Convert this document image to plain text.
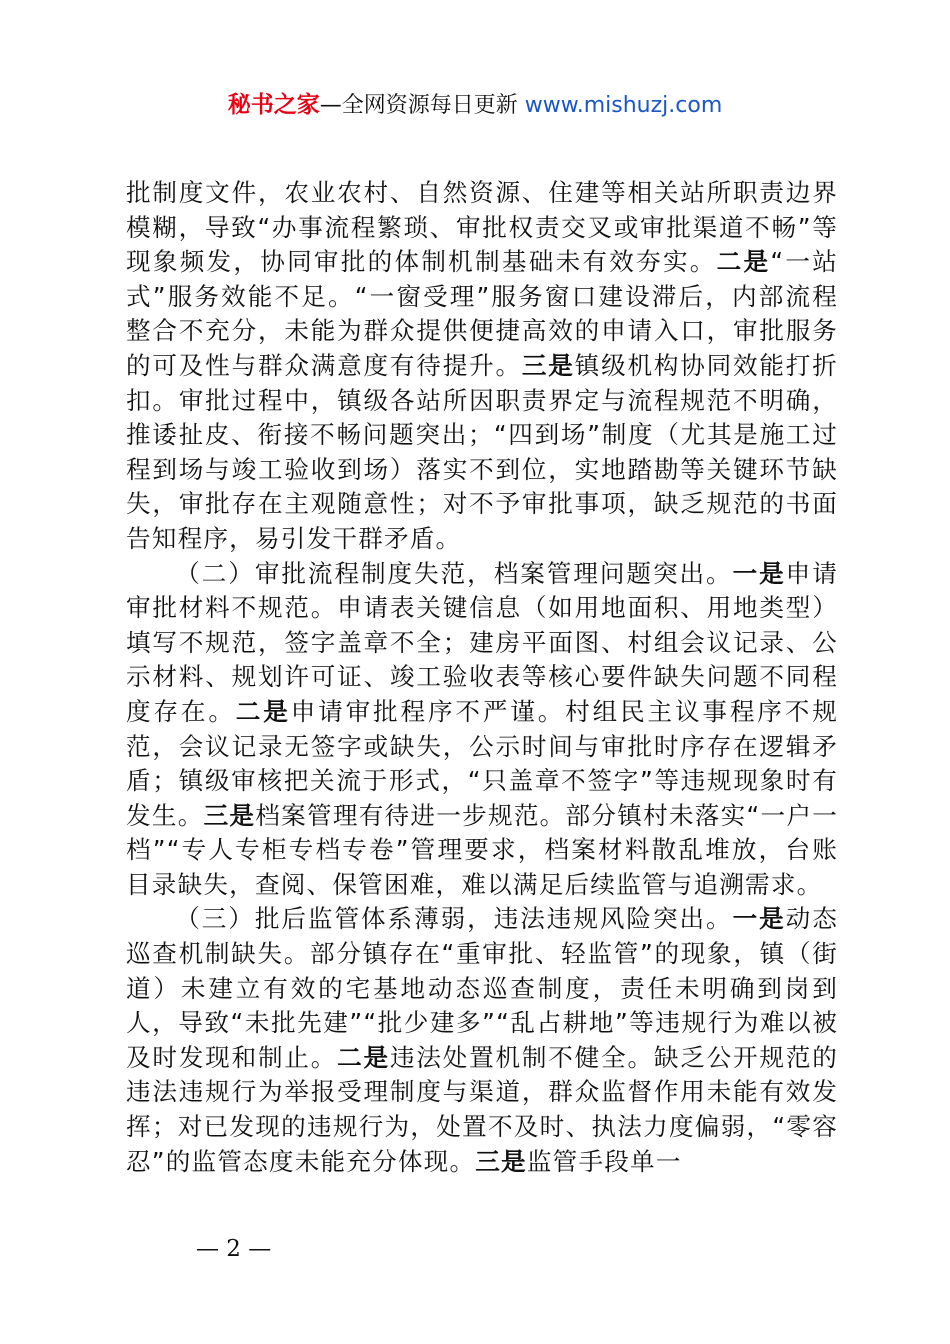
秘书之家—全网资源每日更新 www.mishuzj.com

批制度文件，农业农村、自然资源、住建等相关站所职责边界模糊，导致“办事流程繁琐、审批权责交叉或审批渠道不畅”等现象频发，协同审批的体制机制基础未有效夯实。二是“一站式”服务效能不足。“一窗受理”服务窗口建设滞后，内部流程整合不充分，未能为群众提供便捷高效的申请入口，审批服务的可及性与群众满意度有待提升。三是镇级机构协同效能打折扣。审批过程中，镇级各站所因职责界定与流程规范不明确，推诿扯皮、衔接不畅问题突出；“四到场”制度（尤其是施工过程到场与竣工验收到场）落实不到位，实地踏勘等关键环节缺失，审批存在主观随意性；对不予审批事项，缺乏规范的书面告知程序，易引发干群矛盾。

（二）审批流程制度失范，档案管理问题突出。一是申请审批材料不规范。申请表关键信息（如用地面积、用地类型）填写不规范，签字盖章不全；建房平面图、村组会议记录、公示材料、规划许可证、竣工验收表等核心要件缺失问题不同程度存在。二是申请审批程序不严谨。村组民主议事程序不规范，会议记录无签字或缺失，公示时间与审批时序存在逻辑矛盾；镇级审核把关流于形式，“只盖章不签字”等违规现象时有发生。三是档案管理有待进一步规范。部分镇村未落实“一户一档”“专人专柜专档专卷”管理要求，档案材料散乱堆放，台账目录缺失，查阅、保管困难，难以满足后续监管与追溯需求。

（三）批后监管体系薄弱，违法违规风险突出。一是动态巡查机制缺失。部分镇存在“重审批、轻监管”的现象，镇（街道）未建立有效的宅基地动态巡查制度，责任未明确到岗到人，导致“未批先建”“批少建多”“乱占耕地”等违规行为难以被及时发现和制止。二是违法处置机制不健全。缺乏公开规范的违法违规行为举报受理制度与渠道，群众监督作用未能有效发挥；对已发现的违规行为，处置不及时、执法力度偏弱，“零容忍”的监管态度未能充分体现。三是监管手段单一

— 2 —
